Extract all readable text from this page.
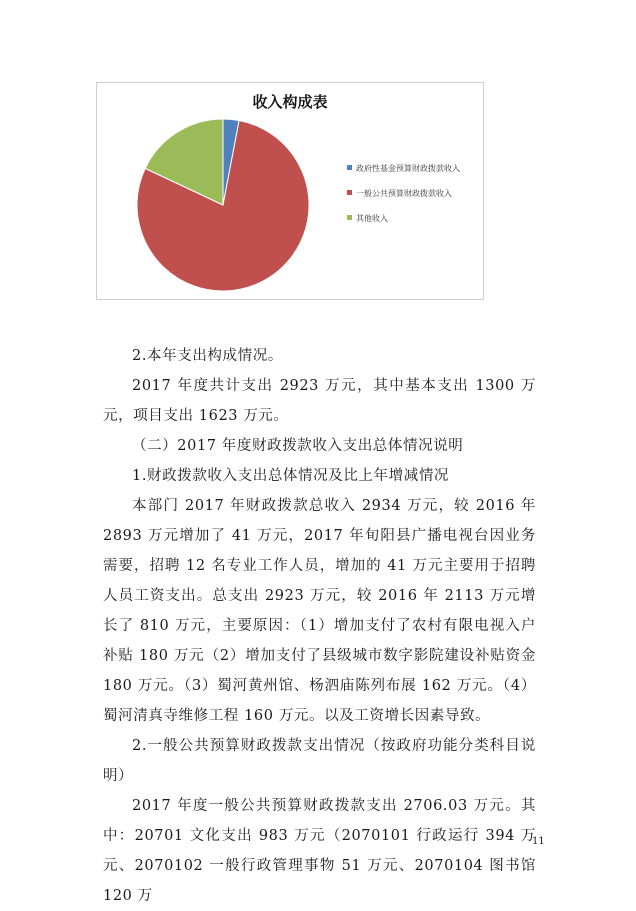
收入构成表
政府性基金预算财政拨款收入
一般公共预算财政拨款收入
其他收入

2.本年支出构成情况。

2017 年度共计支出 2923 万元，其中基本支出 1300 万元，项目支出 1623 万元。

（二）2017 年度财政拨款收入支出总体情况说明

1.财政拨款收入支出总体情况及比上年增减情况

本部门 2017 年财政拨款总收入 2934 万元，较 2016 年 2893 万元增加了 41 万元，2017 年旬阳县广播电视台因业务需要，招聘 12 名专业工作人员，增加的 41 万元主要用于招聘人员工资支出。总支出 2923 万元，较 2016 年 2113 万元增长了 810 万元，主要原因：（1）增加支付了农村有限电视入户补贴 180 万元（2）增加支付了县级城市数字影院建设补贴资金 180 万元。（3）蜀河黄州馆、杨泗庙陈列布展 162 万元。（4）蜀河清真寺维修工程 160 万元。以及工资增长因素导致。

2.一般公共预算财政拨款支出情况（按政府功能分类科目说明）

2017 年度一般公共预算财政拨款支出 2706.03 万元。其中：20701 文化支出 983 万元（2070101 行政运行 394 万元、2070102 一般行政管理事物 51 万元、2070104 图书馆 120 万

11
